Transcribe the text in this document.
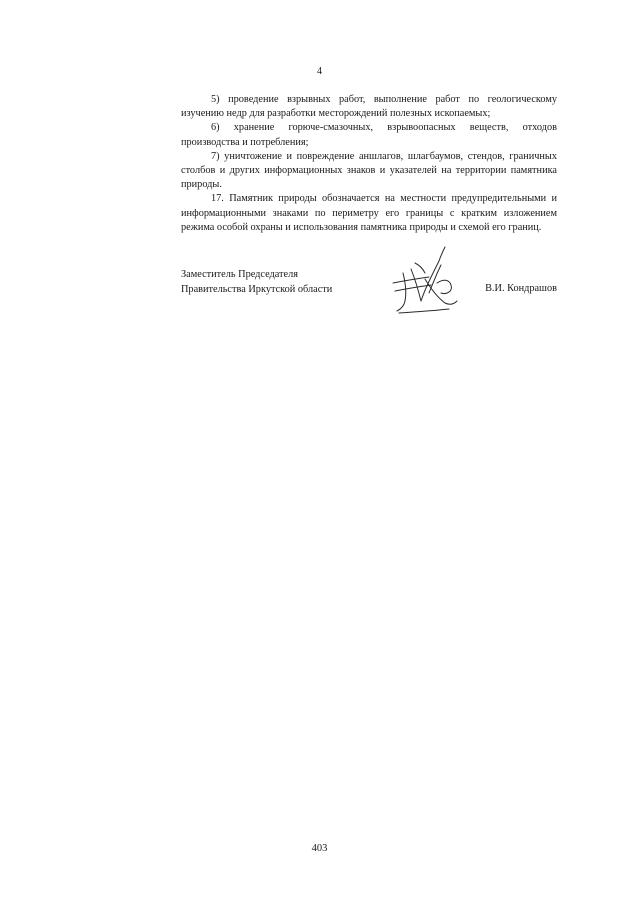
4

5) проведение взрывных работ, выполнение работ по геологическому изучению недр для разработки месторождений полезных ископаемых;

6) хранение горюче-смазочных, взрывоопасных веществ, отходов производства и потребления;

7) уничтожение и повреждение аншлагов, шлагбаумов, стендов, граничных столбов и других информационных знаков и указателей на территории памятника природы.

17. Памятник природы обозначается на местности предупредительными и информационными знаками по периметру его границы с кратким изложением режима особой охраны и использования памятника природы и схемой его границ.

Заместитель Председателя
Правительства Иркутской области	В.И. Кондрашов
403
